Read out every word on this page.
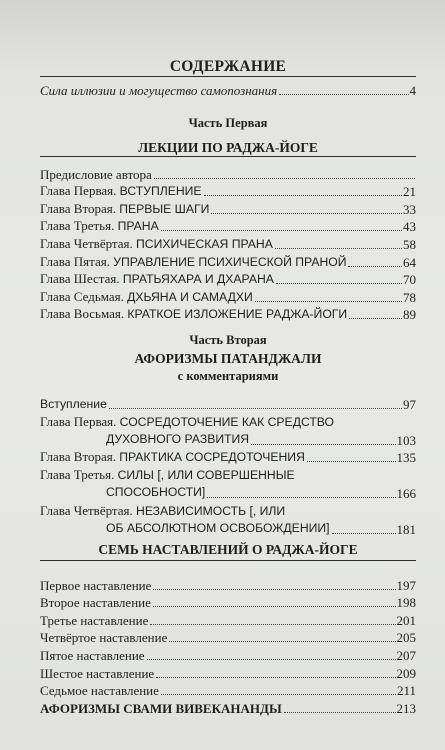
СОДЕРЖАНИЕ
Сила иллюзии и могущество самопознания	4
Часть Первая
ЛЕКЦИИ ПО РАДЖА-ЙОГЕ
Предисловие автора
Глава Первая. ВСТУПЛЕНИЕ	21
Глава Вторая. ПЕРВЫЕ ШАГИ	33
Глава Третья. ПРАНА	43
Глава Четвёртая. ПСИХИЧЕСКАЯ ПРАНА	58
Глава Пятая. УПРАВЛЕНИЕ ПСИХИЧЕСКОЙ ПРАНОЙ	64
Глава Шестая. ПРАТЬЯХАРА И ДХАРАНА	70
Глава Седьмая. ДХЬЯНА И САМАДХИ	78
Глава Восьмая. КРАТКОЕ ИЗЛОЖЕНИЕ РАДЖА-ЙОГИ	89
Часть Вторая
АФОРИЗМЫ ПАТАНДЖАЛИ
с комментариями
Вступление	97
Глава Первая. СОСРЕДОТОЧЕНИЕ КАК СРЕДСТВО
ДУХОВНОГО РАЗВИТИЯ	103
Глава Вторая. ПРАКТИКА СОСРЕДОТОЧЕНИЯ	135
Глава Третья. СИЛЫ [, ИЛИ СОВЕРШЕННЫЕ
СПОСОБНОСТИ]	166
Глава Четвёртая. НЕЗАВИСИМОСТЬ [, ИЛИ
ОБ АБСОЛЮТНОМ ОСВОБОЖДЕНИИ]	181
СЕМЬ НАСТАВЛЕНИЙ О РАДЖА-ЙОГЕ
Первое наставление	197
Второе наставление	198
Третье наставление	201
Четвёртое наставление	205
Пятое наставление	207
Шестое наставление	209
Седьмое наставление	211
АФОРИЗМЫ СВАМИ ВИВЕКАНАНДЫ	213
